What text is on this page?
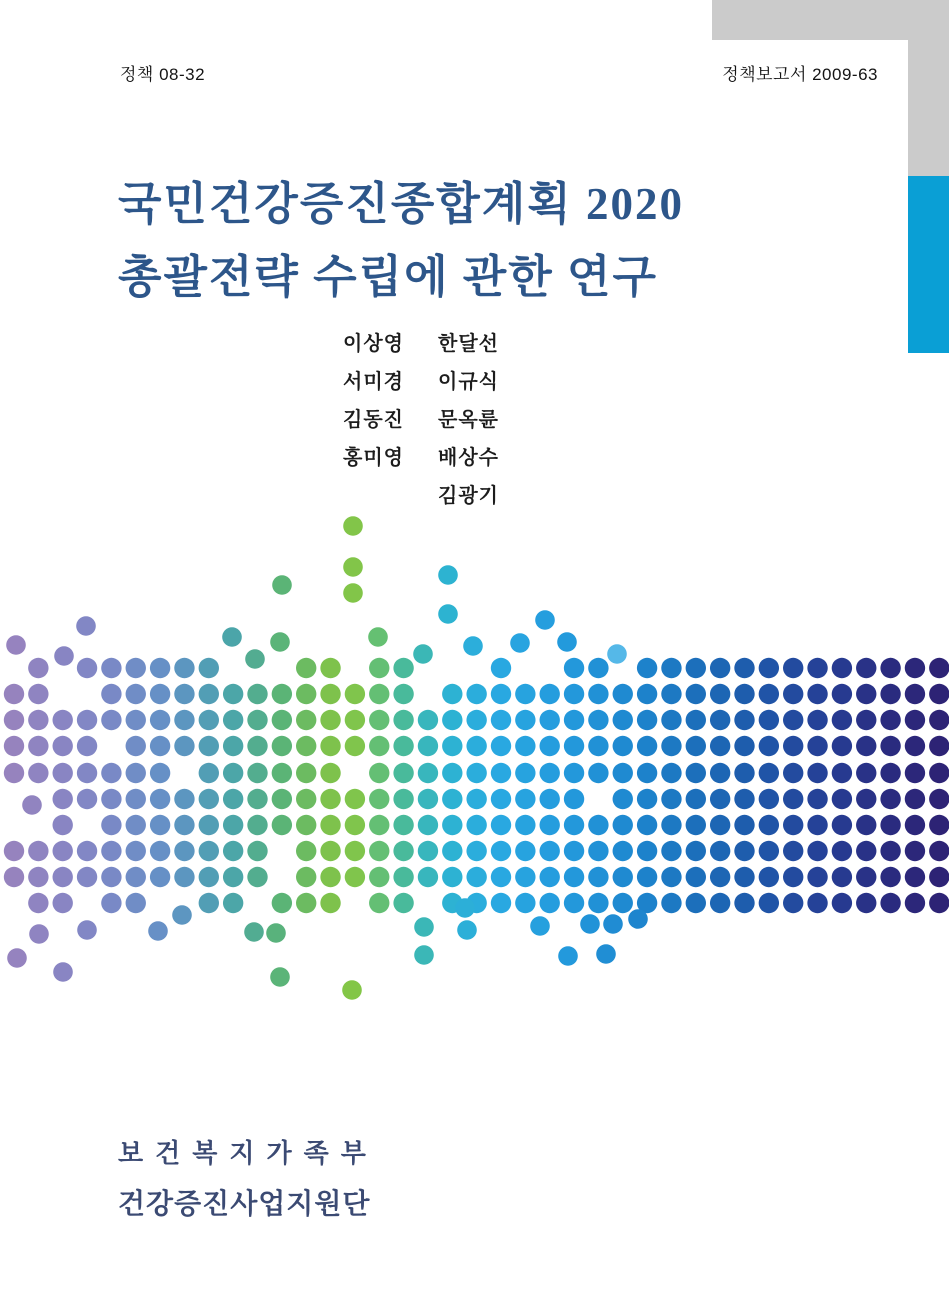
정책 08-32	정책보고서 2009-63
국민건강증진종합계획 2020
총괄전략 수립에 관한 연구
이상영
서미경
김동진
홍미영
한달선
이규식
문옥륜
배상수
김광기
보건복지가족부
건강증진사업지원단
